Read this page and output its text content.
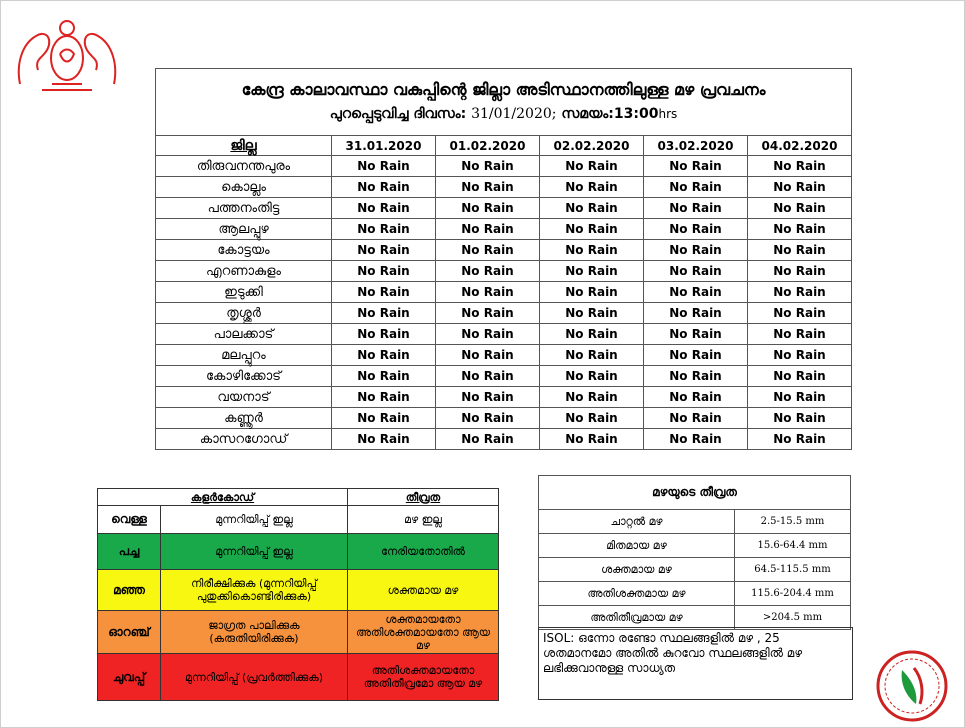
കേന്ദ്ര കാലാവസ്ഥാ വകുപ്പിന്റെ ജില്ലാ അടിസ്ഥാനത്തിലുള്ള മഴ പ്രവചനം
പുറപ്പെടുവിച്ച ദിവസം: 31/01/2020; സമയം:13:00hrs					

ജില്ല	31.01.2020	01.02.2020	02.02.2020	03.02.2020	04.02.2020
തിരുവനന്തപുരം	No Rain	No Rain	No Rain	No Rain	No Rain
കൊല്ലം	No Rain	No Rain	No Rain	No Rain	No Rain
പത്തനംതിട്ട	No Rain	No Rain	No Rain	No Rain	No Rain
ആലപ്പുഴ	No Rain	No Rain	No Rain	No Rain	No Rain
കോട്ടയം	No Rain	No Rain	No Rain	No Rain	No Rain
എറണാകുളം	No Rain	No Rain	No Rain	No Rain	No Rain
ഇടുക്കി	No Rain	No Rain	No Rain	No Rain	No Rain
തൃശ്ശൂർ	No Rain	No Rain	No Rain	No Rain	No Rain
പാലക്കാട്	No Rain	No Rain	No Rain	No Rain	No Rain
മലപ്പുറം	No Rain	No Rain	No Rain	No Rain	No Rain
കോഴിക്കോട്	No Rain	No Rain	No Rain	No Rain	No Rain
വയനാട്	No Rain	No Rain	No Rain	No Rain	No Rain
കണ്ണൂർ	No Rain	No Rain	No Rain	No Rain	No Rain
കാസറഗോഡ്	No Rain	No Rain	No Rain	No Rain	No Rain
കളർകോഡ്		തീവ്രത
വെള്ള	മുന്നറിയിപ്പ് ഇല്ല	മഴ ഇല്ല
പച്ച	മുന്നറിയിപ്പ് ഇല്ല	നേരിയതോതിൽ
മഞ്ഞ	നിരീക്ഷിക്കുക (മുന്നറിയിപ്പ് പുതുക്കികൊണ്ടിരിക്കുക)	ശക്തമായ മഴ
ഓറഞ്ച്	ജാഗ്രത പാലിക്കുക (കരുതിയിരിക്കുക)	ശക്തമായതോ അതിശക്തമായതോ ആയ മഴ
ചുവപ്പ്	മുന്നറിയിപ്പ് (പ്രവർത്തിക്കുക)	അതിശക്തമായതോ അതിതീവ്രമോ ആയ മഴ
മഴയുടെ തീവ്രത	
ചാറ്റൽ മഴ	2.5-15.5 mm
മിതമായ മഴ	15.6-64.4 mm
ശക്തമായ മഴ	64.5-115.5 mm
അതിശക്തമായ മഴ	115.6-204.4 mm
അതിതീവ്രമായ മഴ	>204.5 mm
ISOL: ഒന്നോ രണ്ടോ സ്ഥലങ്ങളിൽ മഴ , 25 ശതമാനമോ അതിൽ കുറവോ സ്ഥലങ്ങളിൽ മഴ ലഭിക്കുവാനുള്ള സാധ്യത
